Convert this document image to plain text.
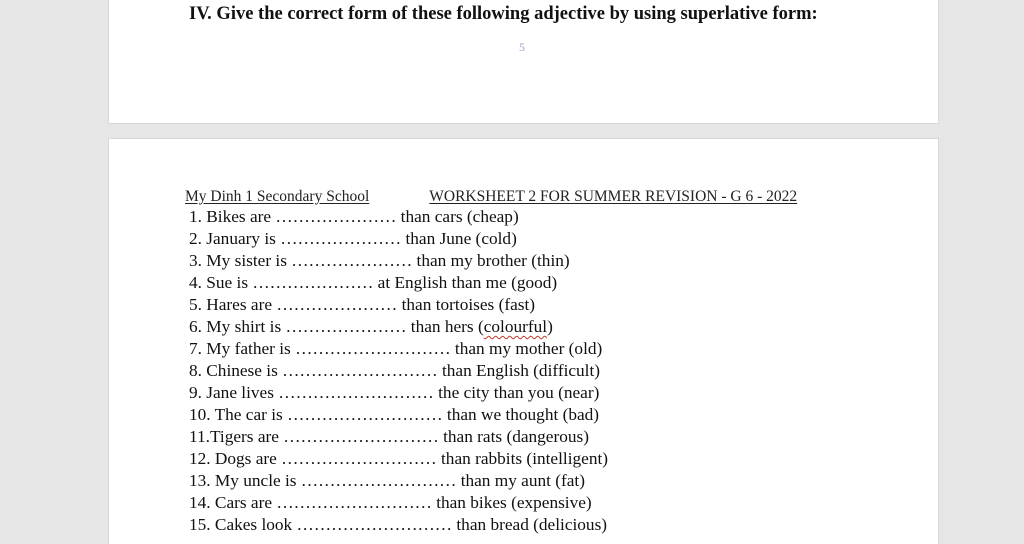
IV. Give the correct form of these following adjective by using superlative form:

5

My Dinh 1 Secondary School	WORKSHEET 2 FOR SUMMER REVISION - G 6 - 2022
1. Bikes are ………………… than cars (cheap)
2. January is ………………… than June (cold)
3. My sister is ………………… than my brother (thin)
4. Sue is ………………… at English than me (good)
5. Hares are ………………… than tortoises (fast)
6. My shirt is ………………… than hers (colourful)
7. My father is ……………………… than my mother (old)
8. Chinese is ……………………… than English (difficult)
9. Jane lives ……………………… the city than you (near)
10. The car is ……………………… than we thought (bad)
11.Tigers are ……………………… than rats (dangerous)
12. Dogs are ……………………… than rabbits (intelligent)
13. My uncle is ……………………… than my aunt (fat)
14. Cars are ……………………… than bikes (expensive)
15. Cakes look ……………………… than bread (delicious)
